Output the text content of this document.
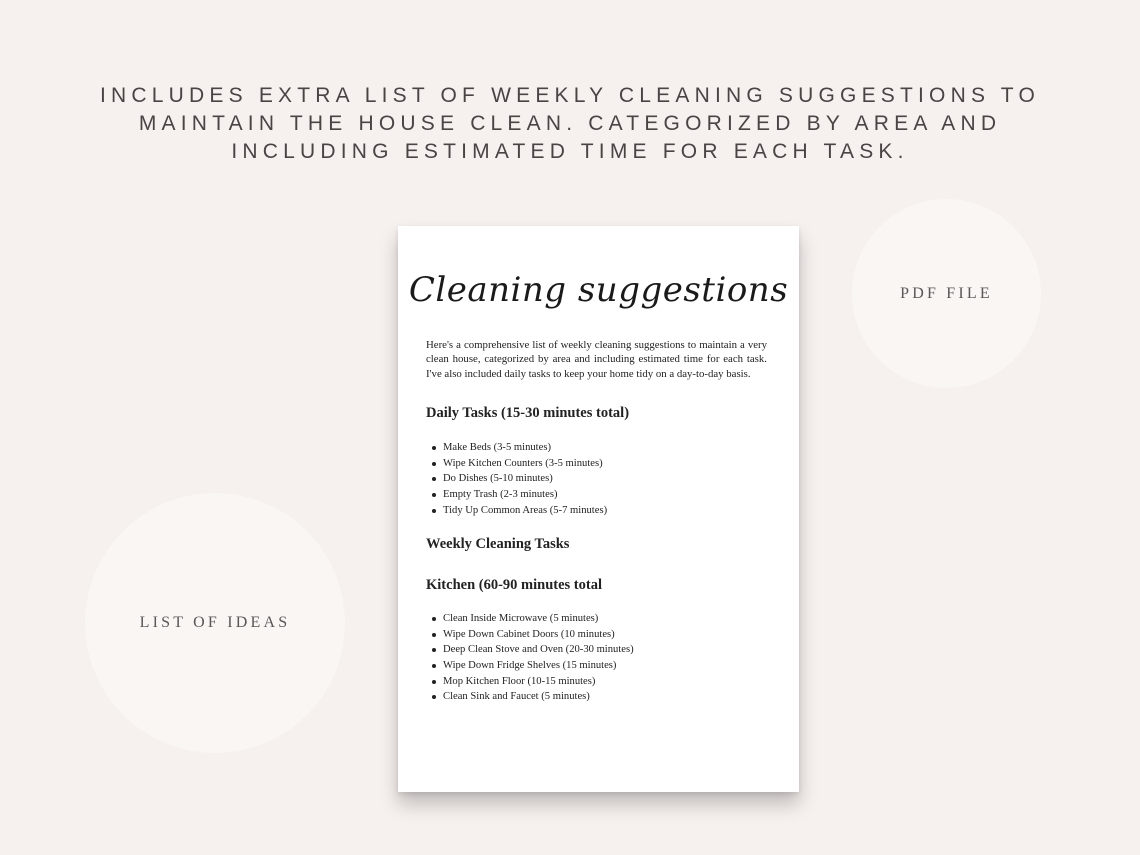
INCLUDES EXTRA LIST OF WEEKLY CLEANING SUGGESTIONS TO
MAINTAIN THE HOUSE CLEAN. CATEGORIZED BY AREA AND
INCLUDING ESTIMATED TIME FOR EACH TASK.
PDF FILE
LIST OF IDEAS
Cleaning suggestions
Here's a comprehensive list of weekly cleaning suggestions to maintain a very clean house, categorized by area and including estimated time for each task. I've also included daily tasks to keep your home tidy on a day-to-day basis.
Daily Tasks (15-30 minutes total)
Make Beds (3-5 minutes)
Wipe Kitchen Counters (3-5 minutes)
Do Dishes (5-10 minutes)
Empty Trash (2-3 minutes)
Tidy Up Common Areas (5-7 minutes)
Weekly Cleaning Tasks
Kitchen (60-90 minutes total
Clean Inside Microwave (5 minutes)
Wipe Down Cabinet Doors (10 minutes)
Deep Clean Stove and Oven (20-30 minutes)
Wipe Down Fridge Shelves (15 minutes)
Mop Kitchen Floor (10-15 minutes)
Clean Sink and Faucet (5 minutes)
